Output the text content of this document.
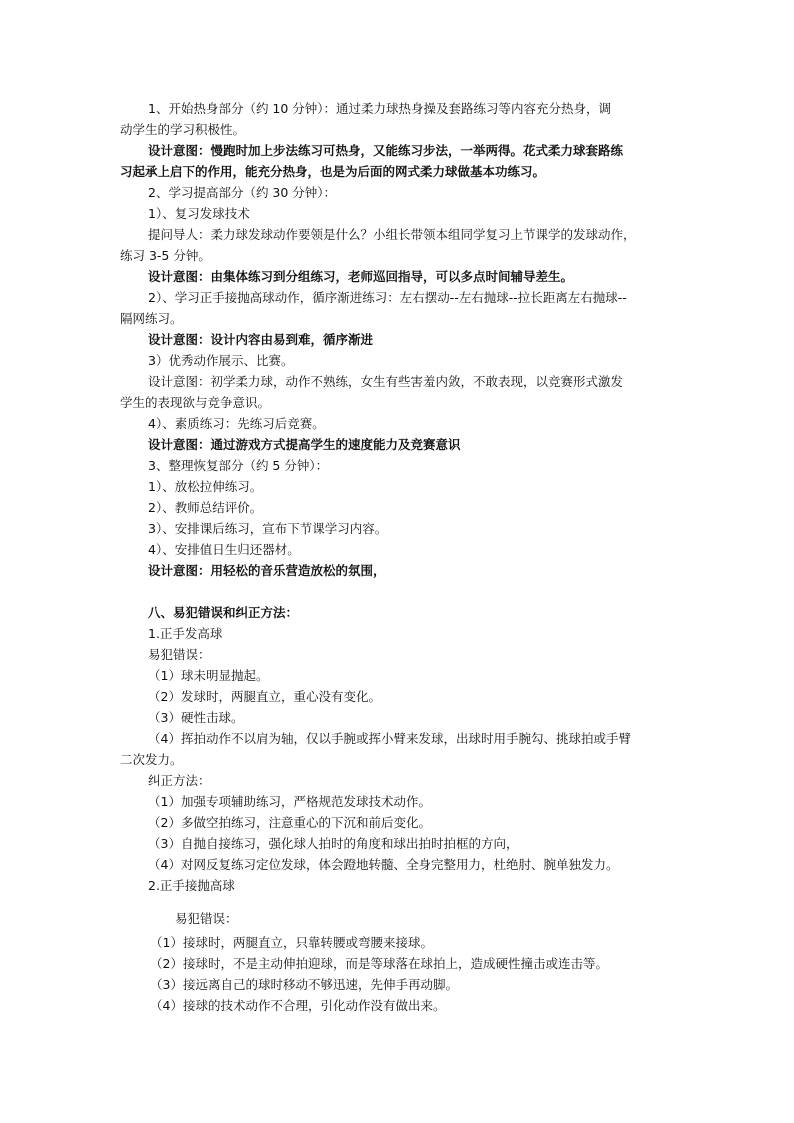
1、开始热身部分（约 10 分钟）：通过柔力球热身操及套路练习等内容充分热身，调
动学生的学习积极性。
设计意图：慢跑时加上步法练习可热身，又能练习步法，一举两得。花式柔力球套路练
习起承上启下的作用，能充分热身，也是为后面的网式柔力球做基本功练习。
2、学习提高部分（约 30 分钟）：
1）、复习发球技术
提问导人：柔力球发球动作要领是什么？小组长带领本组同学复习上节课学的发球动作，
练习 3-5 分钟。
设计意图：由集体练习到分组练习，老师巡回指导，可以多点时间辅导差生。
2）、学习正手接抛高球动作，循序渐进练习：左右摆动--左右抛球--拉长距离左右抛球--
隔网练习。
设计意图：设计内容由易到难，循序渐进
3）优秀动作展示、比赛。
设计意图：初学柔力球，动作不熟练，女生有些害羞内敛，不敢表现，以竞赛形式激发
学生的表现欲与竞争意识。
4）、素质练习：先练习后竞赛。
设计意图：通过游戏方式提高学生的速度能力及竞赛意识
3、整理恢复部分（约 5 分钟）：
1）、放松拉伸练习。
2）、教师总结评价。
3）、安排课后练习，宣布下节课学习内容。
4）、安排值日生归还器材。
设计意图：用轻松的音乐营造放松的氛围，
八、易犯错误和纠正方法：
1.正手发高球
易犯错误：
（1）球未明显抛起。
（2）发球时，两腿直立，重心没有变化。
（3）硬性击球。
（4）挥拍动作不以肩为轴，仅以手腕或挥小臂来发球，出球时用手腕勾、挑球拍或手臂
二次发力。
纠正方法：
（1）加强专项辅助练习，严格规范发球技术动作。
（2）多做空拍练习，注意重心的下沉和前后变化。
（3）自抛自接练习，强化球人拍时的角度和球出拍时拍框的方向，
（4）对网反复练习定位发球，体会蹬地转髓、全身完整用力，杜绝肘、腕单独发力。
2.正手接抛高球
易犯错误：
（1）接球时，两腿直立，只靠转腰或弯腰来接球。
（2）接球时，不是主动伸拍迎球，而是等球落在球拍上，造成硬性撞击或连击等。
（3）接远离自己的球时移动不够迅速，先伸手再动脚。
（4）接球的技术动作不合理，引化动作没有做出来。
